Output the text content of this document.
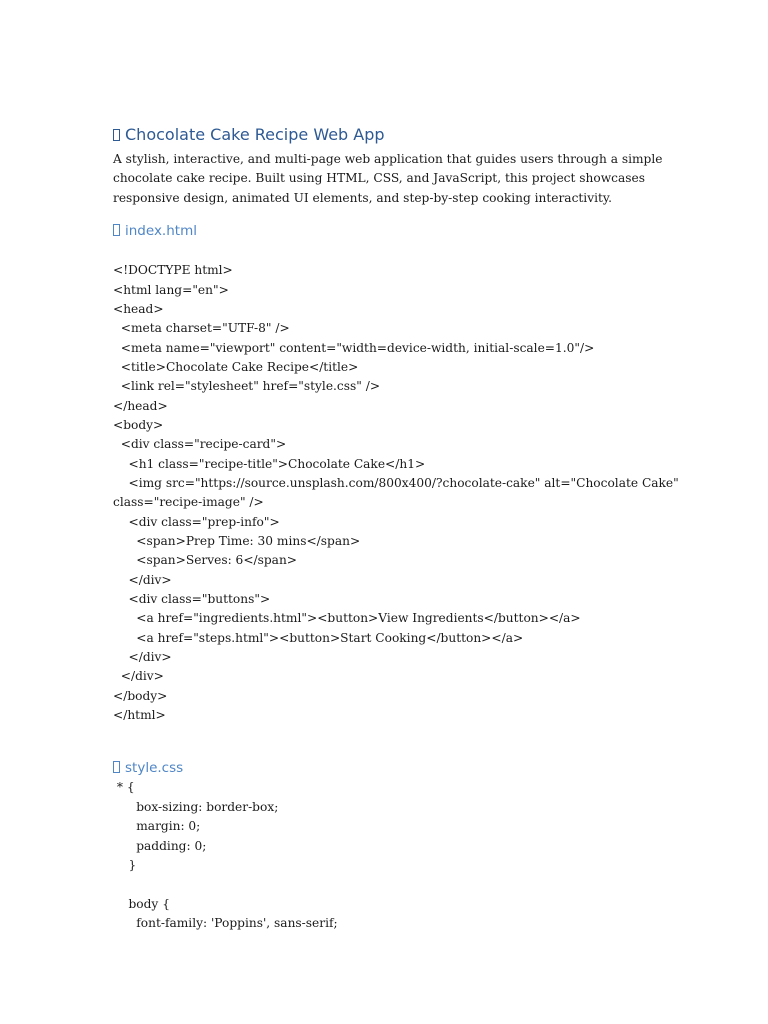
Chocolate Cake Recipe Web App

A stylish, interactive, and multi-page web application that guides users through a simple
chocolate cake recipe. Built using HTML, CSS, and JavaScript, this project showcases
responsive design, animated UI elements, and step-by-step cooking interactivity.

index.html
<!DOCTYPE html>
<html lang="en">
<head>
<meta charset="UTF-8" />
<meta name="viewport" content="width=device-width, initial-scale=1.0"/>
<title>Chocolate Cake Recipe</title>
<link rel="stylesheet" href="style.css" />
</head>
<body>
<div class="recipe-card">
<h1 class="recipe-title">Chocolate Cake</h1>
<img src="https://source.unsplash.com/800x400/?chocolate-cake" alt="Chocolate Cake"
class="recipe-image" />
<div class="prep-info">
<span>Prep Time: 30 mins</span>
<span>Serves: 6</span>
</div>
<div class="buttons">
<a href="ingredients.html"><button>View Ingredients</button></a>
<a href="steps.html"><button>Start Cooking</button></a>
</div>
</div>
</body>
</html>
style.css
* {
box-sizing: border-box;
margin: 0;
padding: 0;
}
body {
font-family: 'Poppins', sans-serif;
